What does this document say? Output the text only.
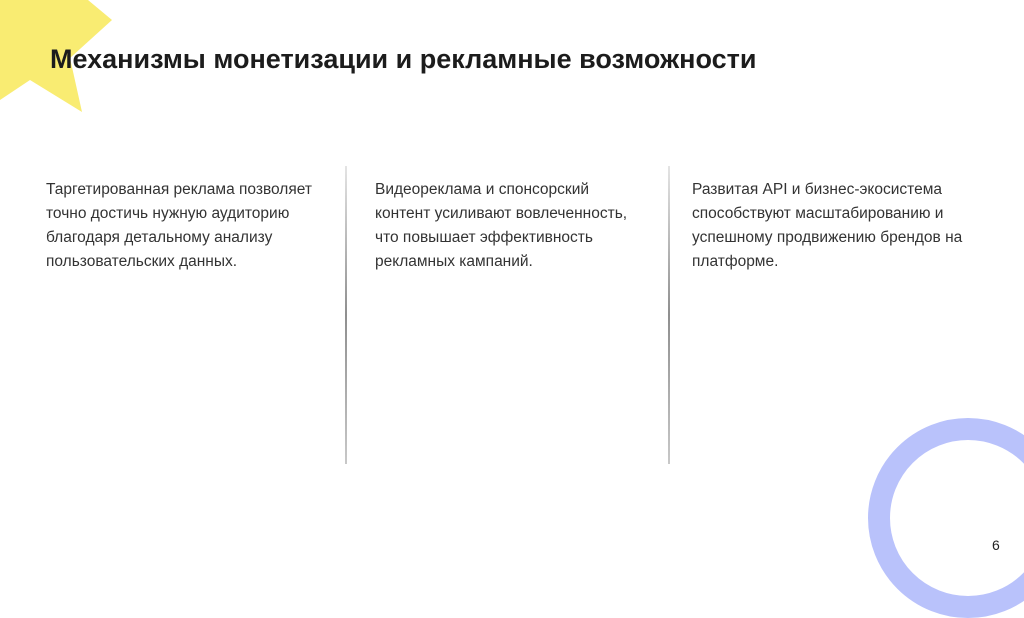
Механизмы монетизации и рекламные возможности

Таргетированная реклама позволяет точно достичь нужную аудиторию благодаря детальному анализу пользовательских данных.

Видеореклама и спонсорский контент усиливают вовлеченность, что повышает эффективность рекламных кампаний.

Развитая API и бизнес-экосистема способствуют масштабированию и успешному продвижению брендов на платформе.

6
